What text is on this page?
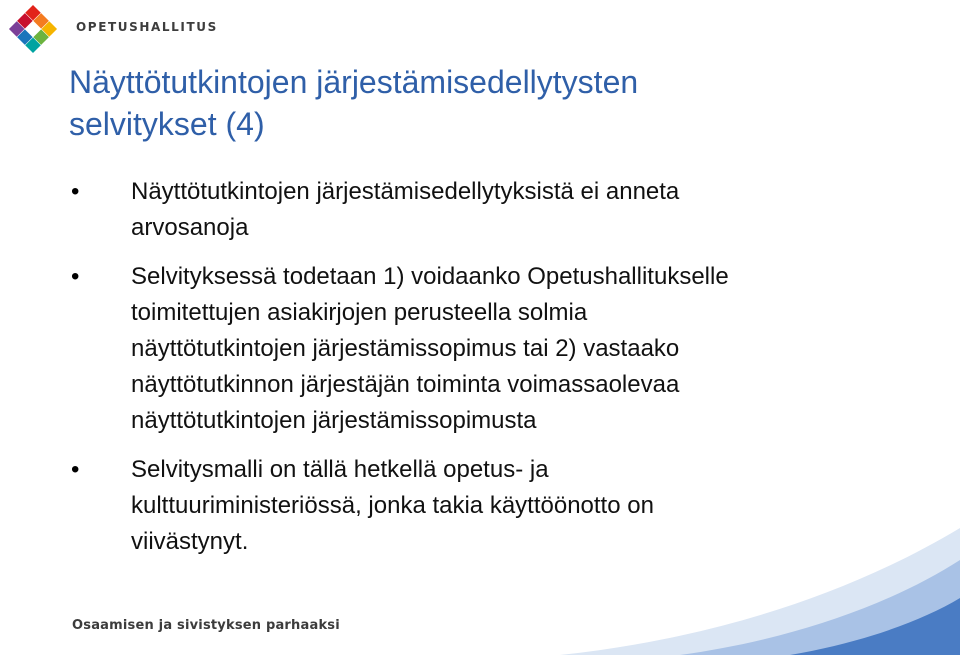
OPETUSHALLITUS
Näyttötutkintojen järjestämisedellytysten
selvitykset (4)
• Näyttötutkintojen järjestämisedellytyksistä ei anneta
arvosanoja
• Selvityksessä todetaan 1) voidaanko Opetushallitukselle
toimitettujen asiakirjojen perusteella solmia
näyttötutkintojen järjestämissopimus tai 2) vastaako
näyttötutkinnon järjestäjän toiminta voimassaolevaa
näyttötutkintojen järjestämissopimusta
• Selvitysmalli on tällä hetkellä opetus- ja
kulttuuriministeriössä, jonka takia käyttöönotto on
viivästynyt.
Osaamisen ja sivistyksen parhaaksi
